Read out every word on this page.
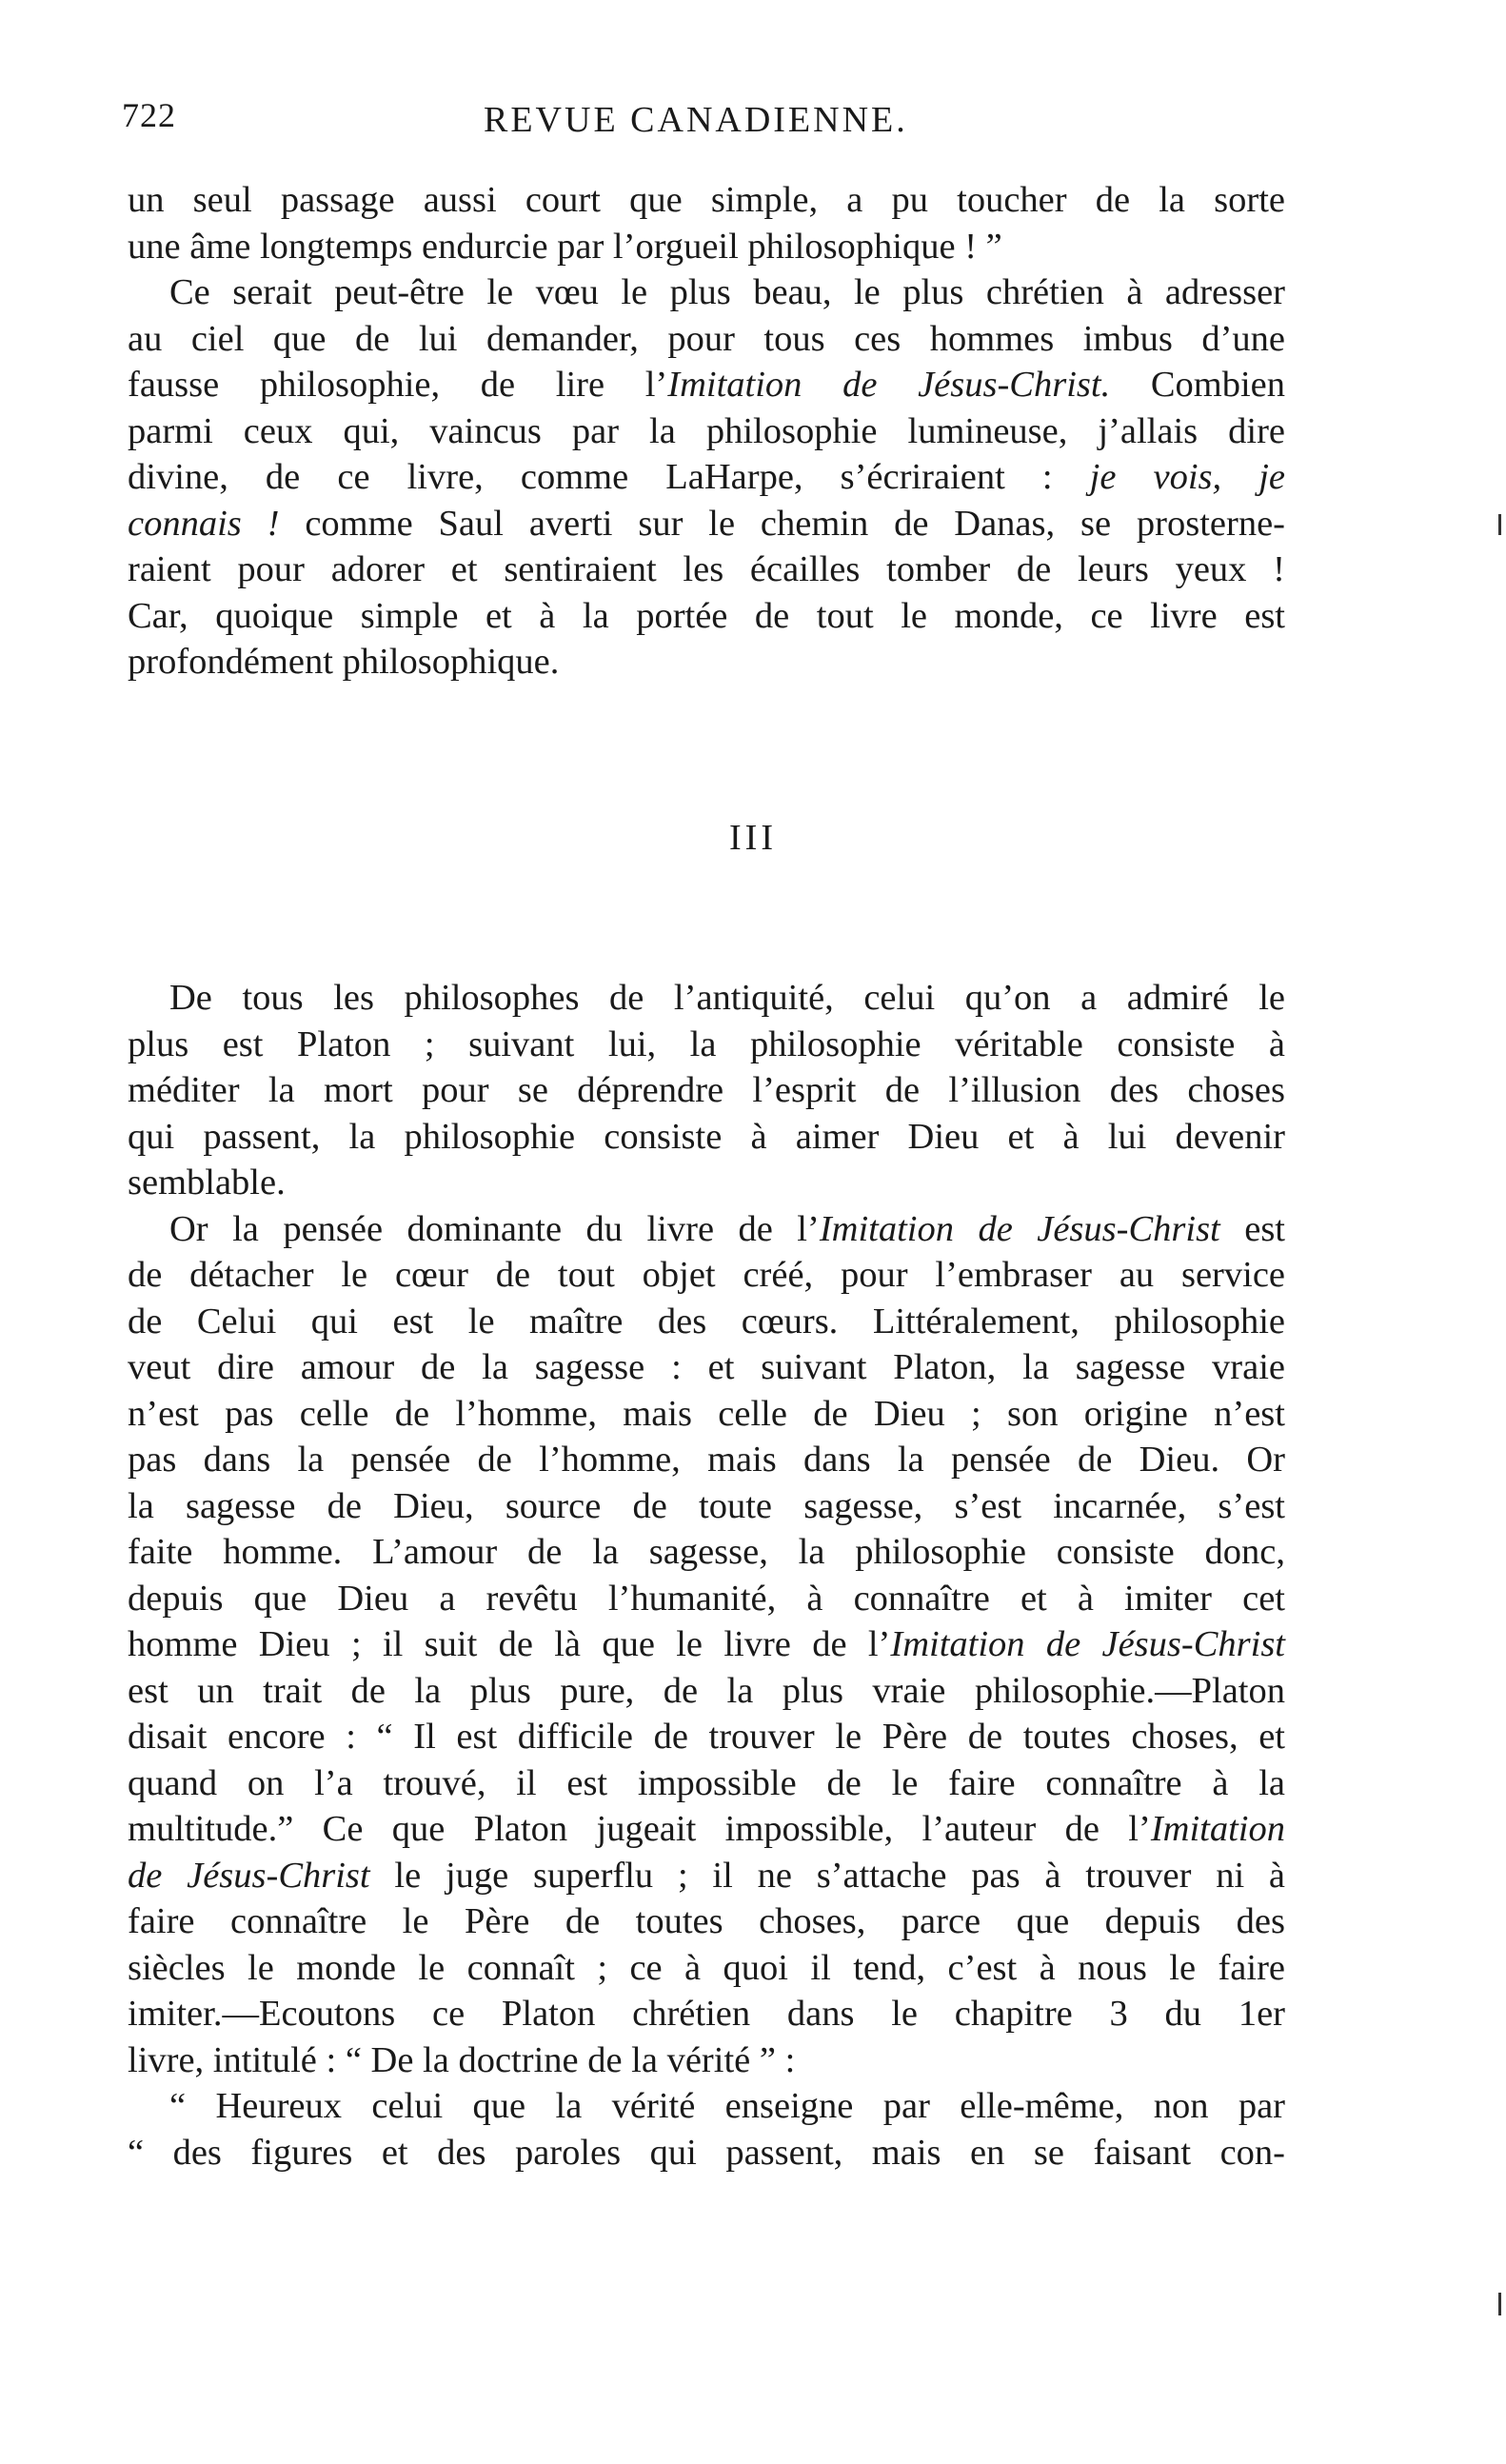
722	REVUE CANADIENNE.
un seul passage aussi court que simple, a pu toucher de la sorte
une âme longtemps endurcie par l’orgueil philosophique ! ”
Ce serait peut-être le vœu le plus beau, le plus chrétien à adresser
au ciel que de lui demander, pour tous ces hommes imbus d’une
fausse philosophie, de lire l’Imitation de Jésus-Christ. Combien
parmi ceux qui, vaincus par la philosophie lumineuse, j’allais dire
divine, de ce livre, comme LaHarpe, s’écriraient : je vois, je
connais ! comme Saul averti sur le chemin de Danas, se prosterne-
raient pour adorer et sentiraient les écailles tomber de leurs yeux !
Car, quoique simple et à la portée de tout le monde, ce livre est
profondément philosophique.
III
De tous les philosophes de l’antiquité, celui qu’on a admiré le
plus est Platon ; suivant lui, la philosophie véritable consiste à
méditer la mort pour se déprendre l’esprit de l’illusion des choses
qui passent, la philosophie consiste à aimer Dieu et à lui devenir
semblable.
Or la pensée dominante du livre de l’Imitation de Jésus-Christ est
de détacher le cœur de tout objet créé, pour l’embraser au service
de Celui qui est le maître des cœurs. Littéralement, philosophie
veut dire amour de la sagesse : et suivant Platon, la sagesse vraie
n’est pas celle de l’homme, mais celle de Dieu ; son origine n’est
pas dans la pensée de l’homme, mais dans la pensée de Dieu. Or
la sagesse de Dieu, source de toute sagesse, s’est incarnée, s’est
faite homme. L’amour de la sagesse, la philosophie consiste donc,
depuis que Dieu a revêtu l’humanité, à connaître et à imiter cet
homme Dieu ; il suit de là que le livre de l’Imitation de Jésus-Christ
est un trait de la plus pure, de la plus vraie philosophie.—Platon
disait encore : “ Il est difficile de trouver le Père de toutes choses, et
quand on l’a trouvé, il est impossible de le faire connaître à la
multitude.” Ce que Platon jugeait impossible, l’auteur de l’Imitation
de Jésus-Christ le juge superflu ; il ne s’attache pas à trouver ni à
faire connaître le Père de toutes choses, parce que depuis des
siècles le monde le connaît ; ce à quoi il tend, c’est à nous le faire
imiter.—Ecoutons ce Platon chrétien dans le chapitre 3 du 1er
livre, intitulé : “ De la doctrine de la vérité ” :
“ Heureux celui que la vérité enseigne par elle-même, non par
“ des figures et des paroles qui passent, mais en se faisant con-
